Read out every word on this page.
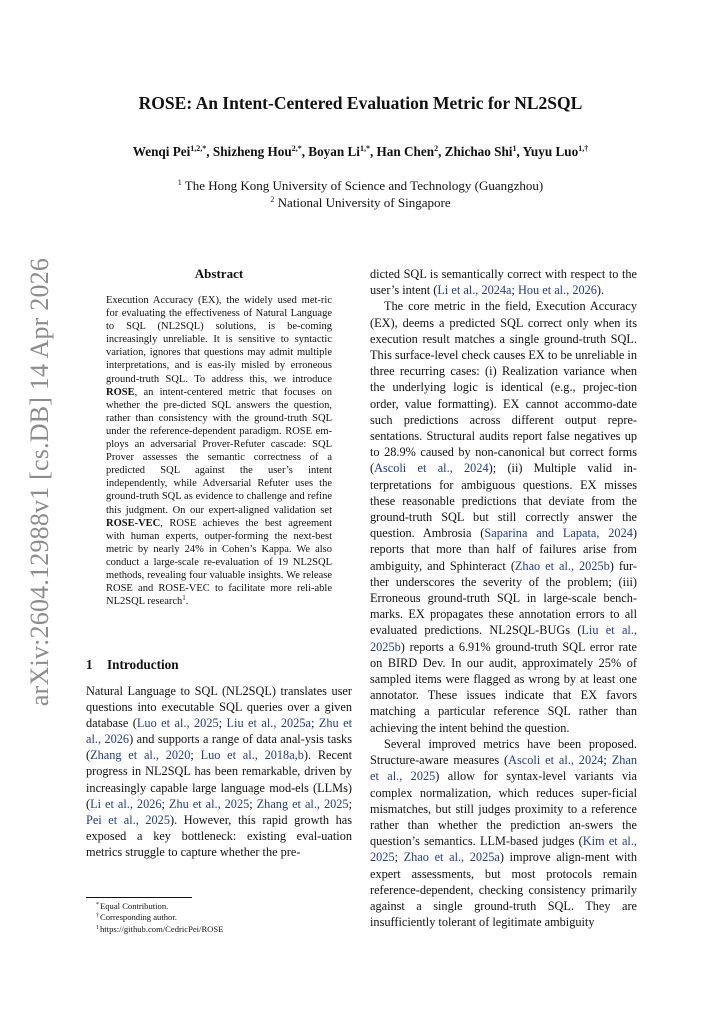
arXiv:2604.12988v1 [cs.DB] 14 Apr 2026
ROSE: An Intent-Centered Evaluation Metric for NL2SQL
Wenqi Pei$^{1,2,*}$, Shizheng Hou$^{2,*}$, Boyan $Li^{1,*}$, Han Chen$^2$, Zhichao Shi$^1$, Yuyu Luo$^{1,\dagger}$
$^1$ The Hong Kong University of Science and Technology (Guangzhou)
$^2$ National University of Singapore
Abstract

Execution Accuracy (EX), the widely used met-ric for evaluating the effectiveness of Natural Language to SQL (NL2SQL) solutions, is be-coming increasingly unreliable. It is sensitive to syntactic variation, ignores that questions may admit multiple interpretations, and is eas-ily misled by erroneous ground-truth SQL. To address this, we introduce ROSE, an intent-centered metric that focuses on whether the pre-dicted SQL answers the question, rather than consistency with the ground-truth SQL under the reference-dependent paradigm. ROSE em-ploys an adversarial Prover-Refuter cascade: SQL Prover assesses the semantic correctness of a predicted SQL against the user’s intent independently, while Adversarial Refuter uses the ground-truth SQL as evidence to challenge and refine this judgment. On our expert-aligned validation set ROSE-VEC, ROSE achieves the best agreement with human experts, outper-forming the next-best metric by nearly 24% in Cohen’s Kappa. We also conduct a large-scale re-evaluation of 19 NL2SQL methods, revealing four valuable insights. We release ROSE and ROSE-VEC to facilitate more reli-able NL2SQL research$^1$.

1 Introduction

Natural Language to SQL (NL2SQL) translates user questions into executable SQL queries over a given database (Luo et al., 2025; Liu et al., 2025a; Zhu et al., 2026) and supports a range of data anal-ysis tasks (Zhang et al., 2020; Luo et al., 2018a,b). Recent progress in NL2SQL has been remarkable, driven by increasingly capable large language mod-els (LLMs) (Li et al., 2026; Zhu et al., 2025; Zhang et al., 2025; Pei et al., 2025). However, this rapid growth has exposed a key bottleneck: existing eval-uation metrics struggle to capture whether the pre-

dicted SQL is semantically correct with respect to the user’s intent (Li et al., 2024a; Hou et al., 2026).

The core metric in the field, Execution Accuracy (EX), deems a predicted SQL correct only when its execution result matches a single ground-truth SQL. This surface-level check causes EX to be unreliable in three recurring cases: (i) Realization variance when the underlying logic is identical (e.g., projec-tion order, value formatting). EX cannot accommo-date such predictions across different output repre-sentations. Structural audits report false negatives up to 28.9% caused by non-canonical but correct forms (Ascoli et al., 2024); (ii) Multiple valid in-terpretations for ambiguous questions. EX misses these reasonable predictions that deviate from the ground-truth SQL but still correctly answer the question. Ambrosia (Saparina and Lapata, 2024) reports that more than half of failures arise from ambiguity, and Sphinteract (Zhao et al., 2025b) fur-ther underscores the severity of the problem; (iii) Erroneous ground-truth SQL in large-scale bench-marks. EX propagates these annotation errors to all evaluated predictions. NL2SQL-BUGs (Liu et al., 2025b) reports a 6.91% ground-truth SQL error rate on BIRD Dev. In our audit, approximately 25% of sampled items were flagged as wrong by at least one annotator. These issues indicate that EX favors matching a particular reference SQL rather than achieving the intent behind the question.

Several improved metrics have been proposed. Structure-aware measures (Ascoli et al., 2024; Zhan et al., 2025) allow for syntax-level variants via complex normalization, which reduces super-ficial mismatches, but still judges proximity to a reference rather than whether the prediction an-swers the question’s semantics. LLM-based judges (Kim et al., 2025; Zhao et al., 2025a) improve align-ment with expert assessments, but most protocols remain reference-dependent, checking consistency primarily against a single ground-truth SQL. They are insufficiently tolerant of legitimate ambiguity

*Equal Contribution.
†Corresponding author.
$^1$https://github.com/CedricPei/ROSE
